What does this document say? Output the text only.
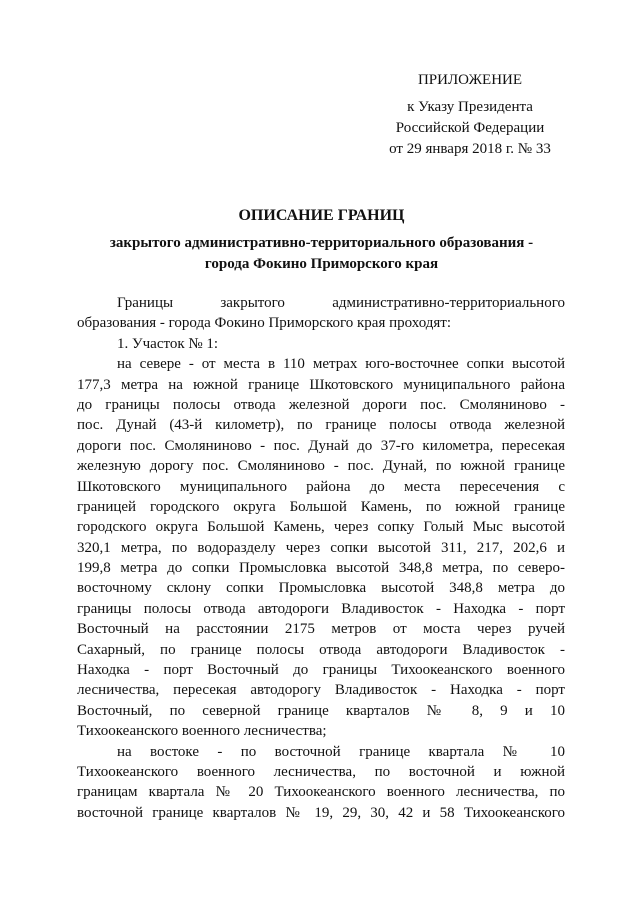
ПРИЛОЖЕНИЕ
к Указу Президента
Российской Федерации
от 29 января 2018 г. № 33
ОПИСАНИЕ ГРАНИЦ
закрытого административно-территориального образования -
города Фокино Приморского края
Границы закрытого административно-территориального
образования - города Фокино Приморского края проходят:
1. Участок № 1:
на севере - от места в 110 метрах юго-восточнее сопки высотой
177,3 метра на южной границе Шкотовского муниципального района
до границы полосы отвода железной дороги пос. Смоляниново -
пос. Дунай (43-й километр), по границе полосы отвода железной
дороги пос. Смоляниново - пос. Дунай до 37-го километра, пересекая
железную дорогу пос. Смоляниново - пос. Дунай, по южной границе
Шкотовского муниципального района до места пересечения с
границей городского округа Большой Камень, по южной границе
городского округа Большой Камень, через сопку Голый Мыс высотой
320,1 метра, по водоразделу через сопки высотой 311, 217, 202,6 и
199,8 метра до сопки Промысловка высотой 348,8 метра, по северо-
восточному склону сопки Промысловка высотой 348,8 метра до
границы полосы отвода автодороги Владивосток - Находка - порт
Восточный на расстоянии 2175 метров от моста через ручей
Сахарный, по границе полосы отвода автодороги Владивосток -
Находка - порт Восточный до границы Тихоокеанского военного
лесничества, пересекая автодорогу Владивосток - Находка - порт
Восточный, по северной границе кварталов № 8, 9 и 10
Тихоокеанского военного лесничества;
на востоке - по восточной границе квартала № 10
Тихоокеанского военного лесничества, по восточной и южной
границам квартала № 20 Тихоокеанского военного лесничества, по
восточной границе кварталов № 19, 29, 30, 42 и 58 Тихоокеанского
